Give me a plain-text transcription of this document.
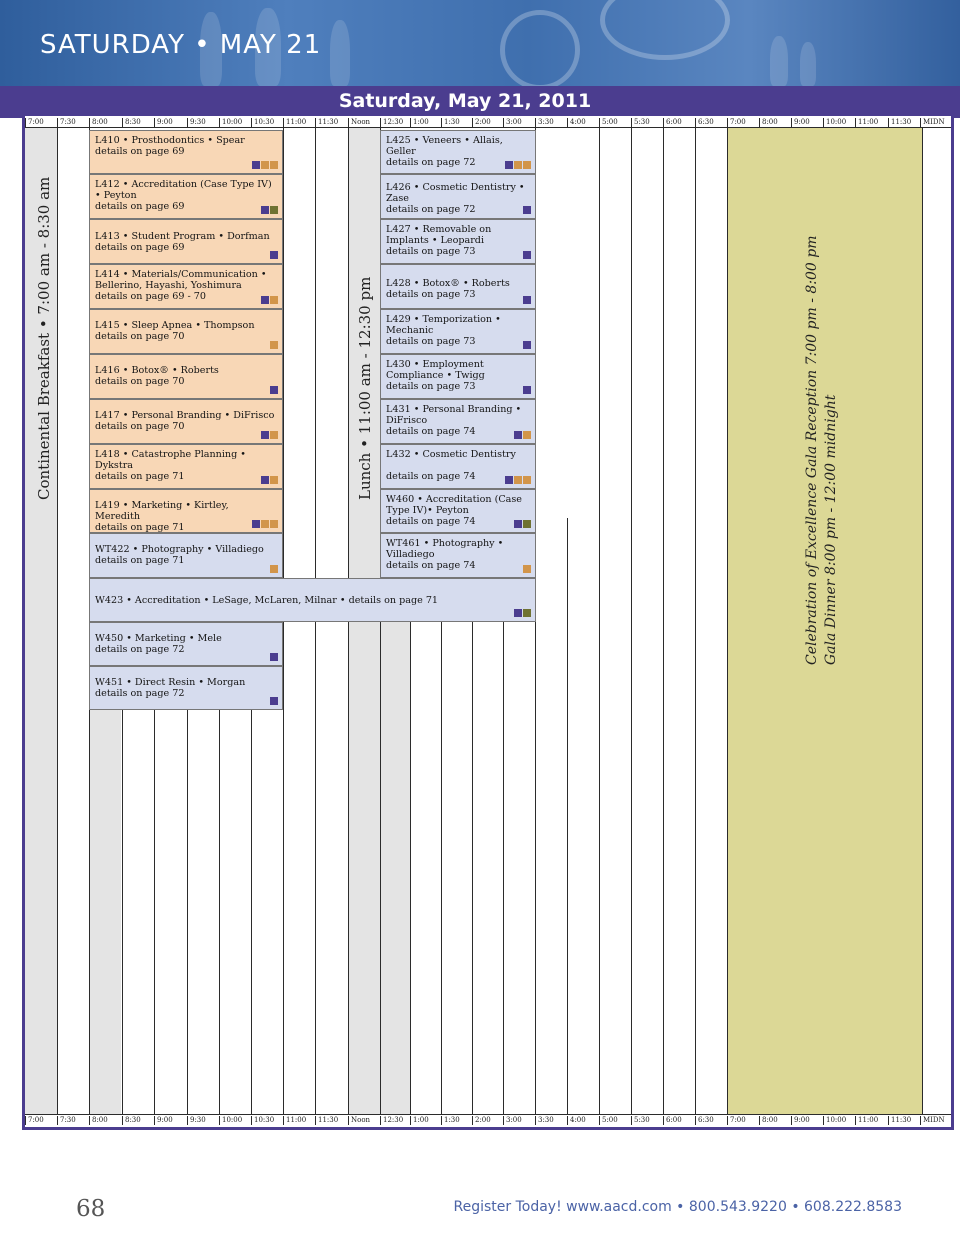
SATURDAY • MAY 21
Saturday, May 21, 2011
7:00	7:30	8:00	8:30	9:00	9:30	10:00	10:30	11:00	11:30	Noon	12:30	1:00	1:30	2:00	3:00	3:30	4:00	5:00	5:30	6:00	6:30	7:00	8:00	9:00	10:00	11:00	11:30	MIDN
7:00	7:30	8:00	8:30	9:00	9:30	10:00	10:30	11:00	11:30	Noon	12:30	1:00	1:30	2:00	3:00	3:30	4:00	5:00	5:30	6:00	6:30	7:00	8:00	9:00	10:00	11:00	11:30	MIDN
L410 • Prosthodontics • Spear
details on page 69
L412 • Accreditation (Case Type IV) • Peyton
details on page 69
L413 • Student Program • Dorfman
details on page 69
L414 • Materials/Communication • Bellerino, Hayashi, Yoshimura
details on page 69 - 70
L415 • Sleep Apnea • Thompson
details on page 70
L416 • Botox® • Roberts
details on page 70
L417 • Personal Branding • DiFrisco
details on page 70
L418 • Catastrophe Planning • Dykstra
details on page 71
L419 • Marketing • Kirtley, Meredith
details on page 71
WT422 • Photography • Villadiego
details on page 71
W423 • Accreditation • LeSage, McLaren, Milnar • details on page 71
W450 • Marketing • Mele
details on page 72
W451 • Direct Resin • Morgan
details on page 72
L425 • Veneers • Allais, Geller
details on page 72
L426 • Cosmetic Dentistry • Zase
details on page 72
L427 • Removable on Implants • Leopardi
details on page 73
L428 • Botox® • Roberts
details on page 73
L429 • Temporization • Mechanic
details on page 73
L430 • Employment Compliance • Twigg
details on page 73
L431 • Personal Branding • DiFrisco
details on page 74
L432 • Cosmetic Dentistry
details on page 74
W460 • Accreditation (Case Type IV)• Peyton
details on page 74
WT461 • Photography • Villadiego
details on page 74
Continental Breakfast • 7:00 am - 8:30 am	Lunch • 11:00 am - 12:30 pm	Celebration of Excellence Gala Reception 7:00 pm - 8:00 pm Gala Dinner 8:00 pm - 12:00 midnight
68	Register Today! www.aacd.com • 800.543.9220 • 608.222.8583
